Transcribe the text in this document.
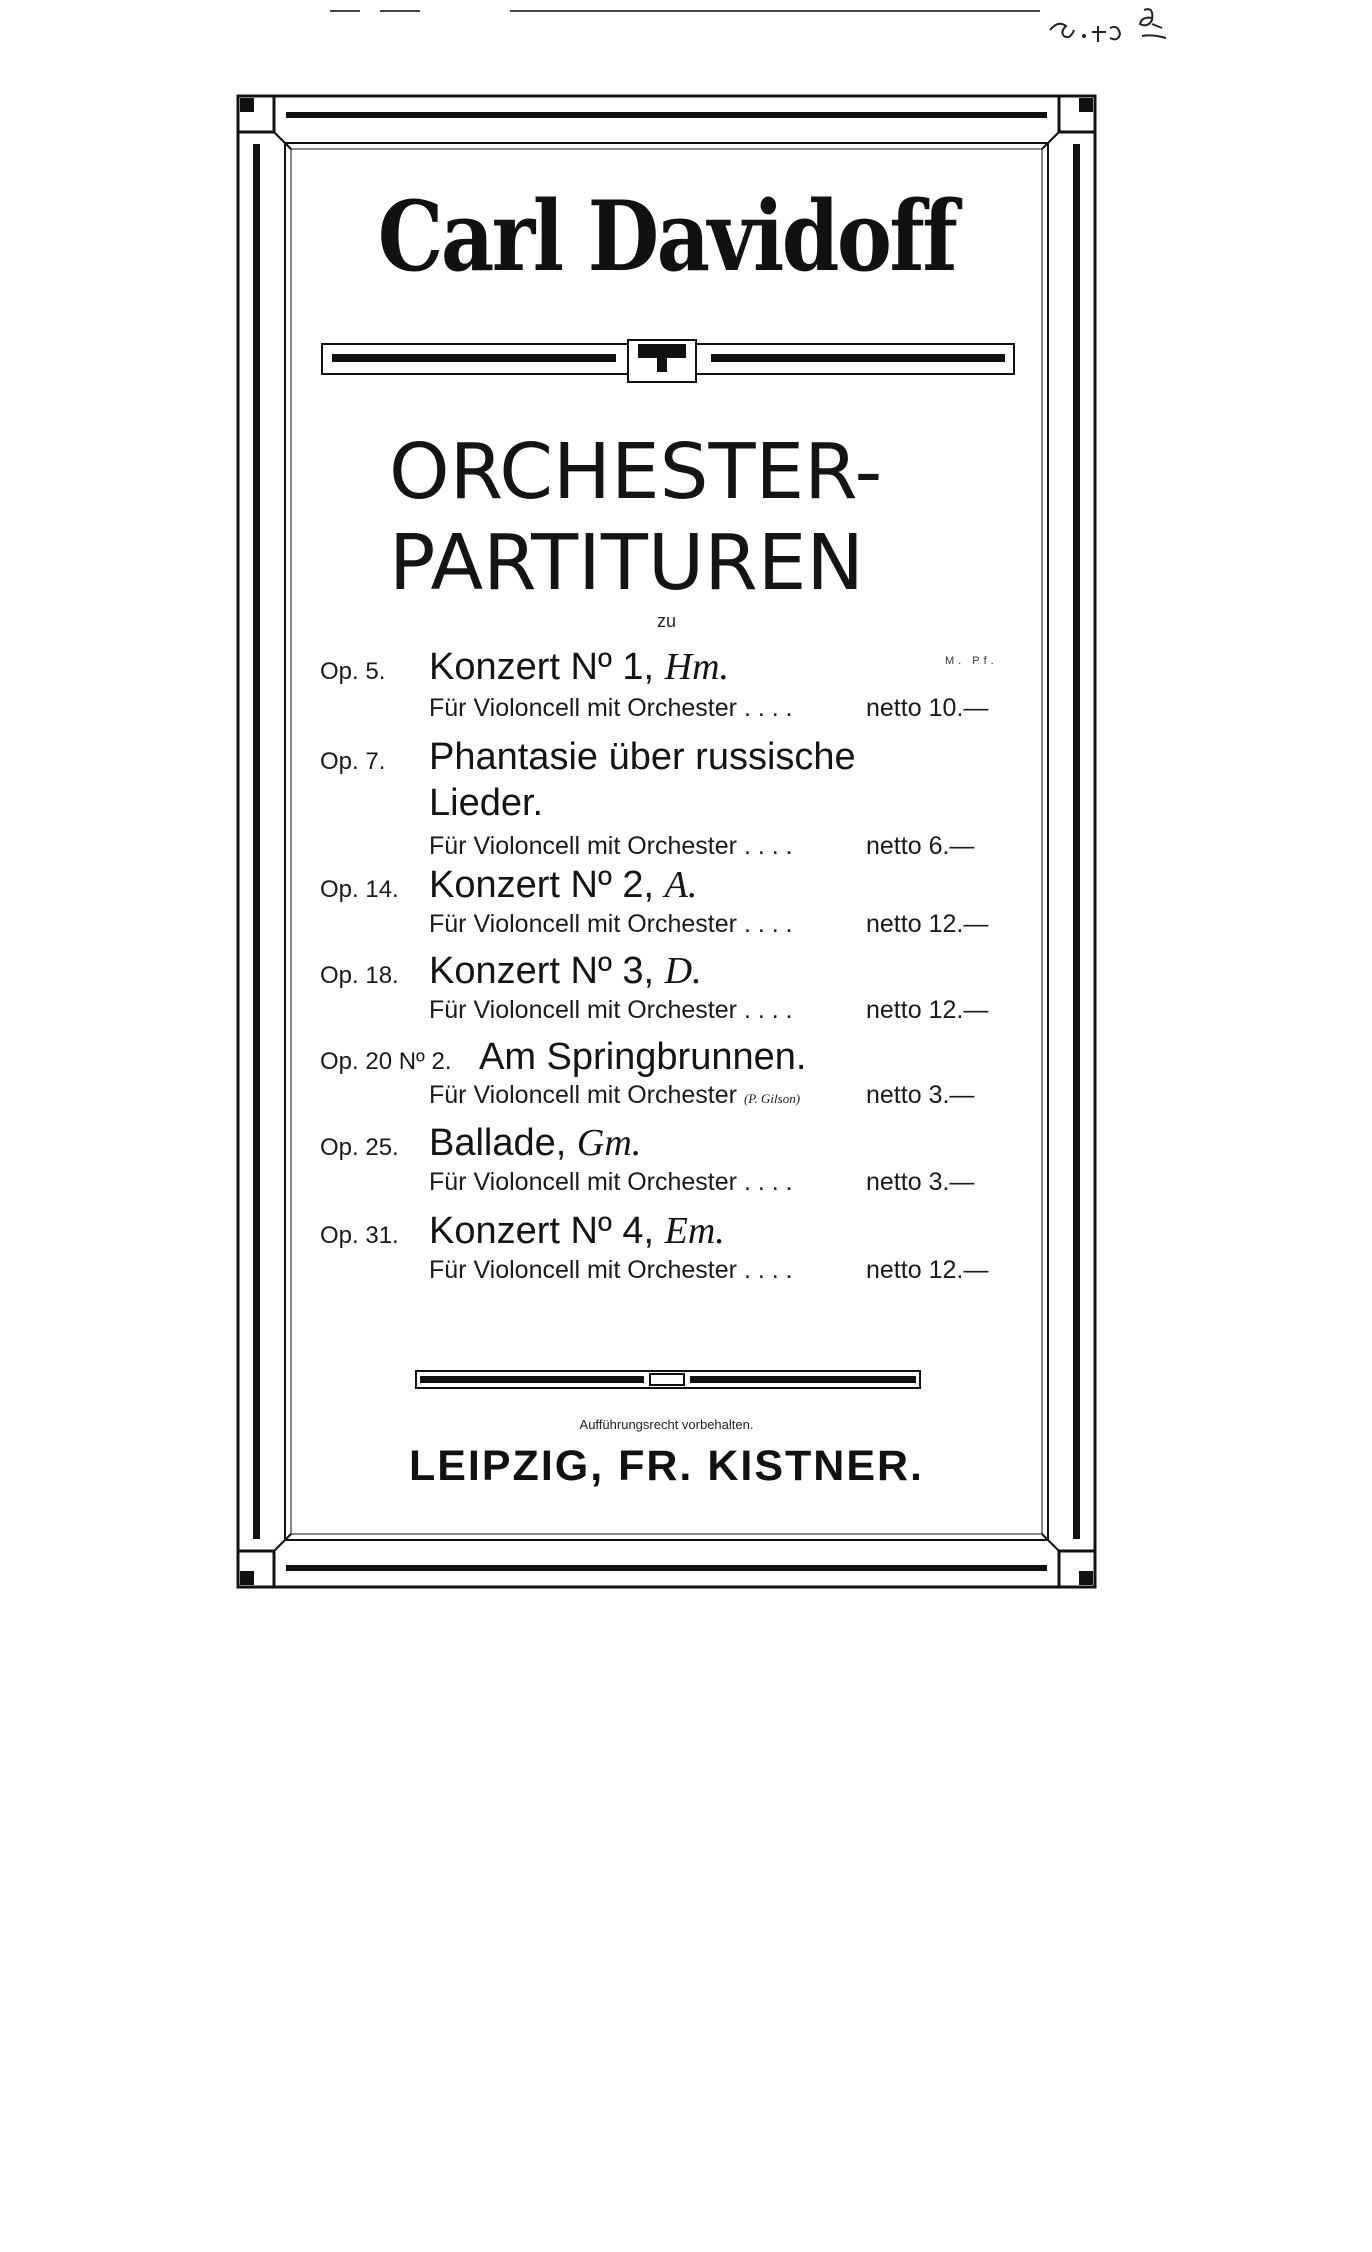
Carl Davidoff
ORCHESTER-
PARTITUREN
zu
M. Pf.
Op. 5. Konzert Nº 1, Hm.
Für Violoncell mit Orchester . . . .	netto 10.—
Op. 7. Phantasie über russische
Lieder.
Für Violoncell mit Orchester . . . .	netto 6.—
Op. 14. Konzert Nº 2, A.
Für Violoncell mit Orchester . . . .	netto 12.—
Op. 18. Konzert Nº 3, D.
Für Violoncell mit Orchester . . . .	netto 12.—
Op. 20 Nº 2. Am Springbrunnen.
Für Violoncell mit Orchester (P. Gilson)	netto 3.—
Op. 25. Ballade, Gm.
Für Violoncell mit Orchester . . . .	netto 3.—
Op. 31. Konzert Nº 4, Em.
Für Violoncell mit Orchester . . . .	netto 12.—
Aufführungsrecht vorbehalten.
LEIPZIG, FR. KISTNER.
